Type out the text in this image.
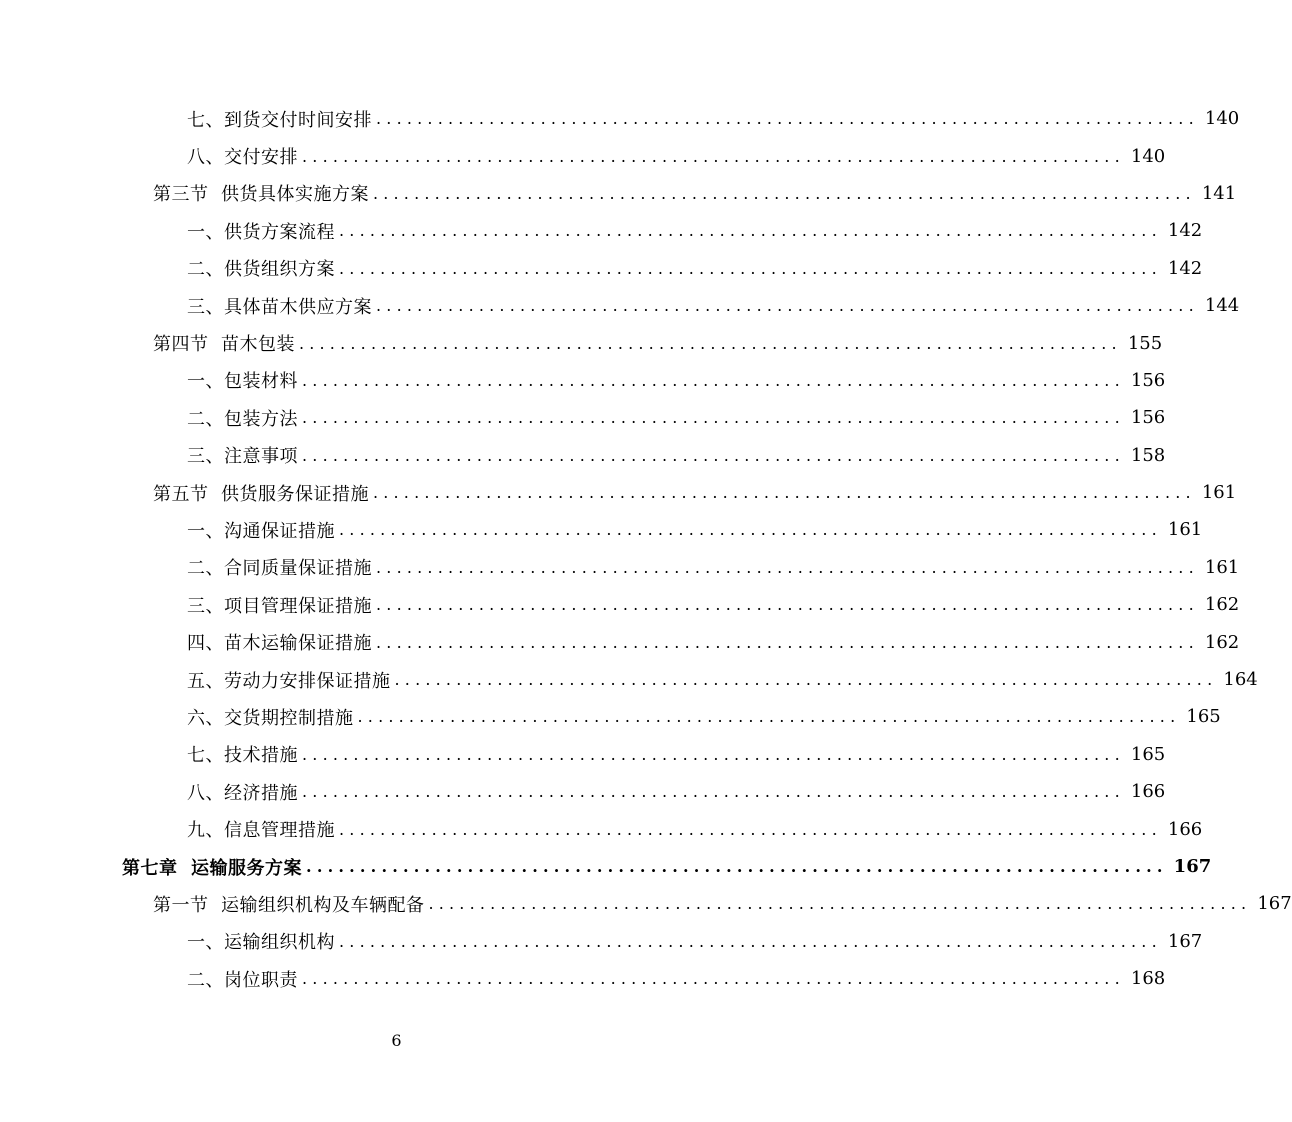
七、到货交付时间安排 ................................................................................ 140
八、交付安排 ................................................................................ 140
第三节  供货具体实施方案 ................................................................................ 141
一、供货方案流程 ................................................................................ 142
二、供货组织方案 ................................................................................ 142
三、具体苗木供应方案 ................................................................................ 144
第四节  苗木包装 ................................................................................ 155
一、包装材料 ................................................................................ 156
二、包装方法 ................................................................................ 156
三、注意事项 ................................................................................ 158
第五节  供货服务保证措施 ................................................................................ 161
一、沟通保证措施 ................................................................................ 161
二、合同质量保证措施 ................................................................................ 161
三、项目管理保证措施 ................................................................................ 162
四、苗木运输保证措施 ................................................................................ 162
五、劳动力安排保证措施 ................................................................................ 164
六、交货期控制措施 ................................................................................ 165
七、技术措施 ................................................................................ 165
八、经济措施 ................................................................................ 166
九、信息管理措施 ................................................................................ 166
第七章  运输服务方案 ................................................................................ 167
第一节  运输组织机构及车辆配备 ................................................................................ 167
一、运输组织机构 ................................................................................ 167
二、岗位职责 ................................................................................ 168
6
